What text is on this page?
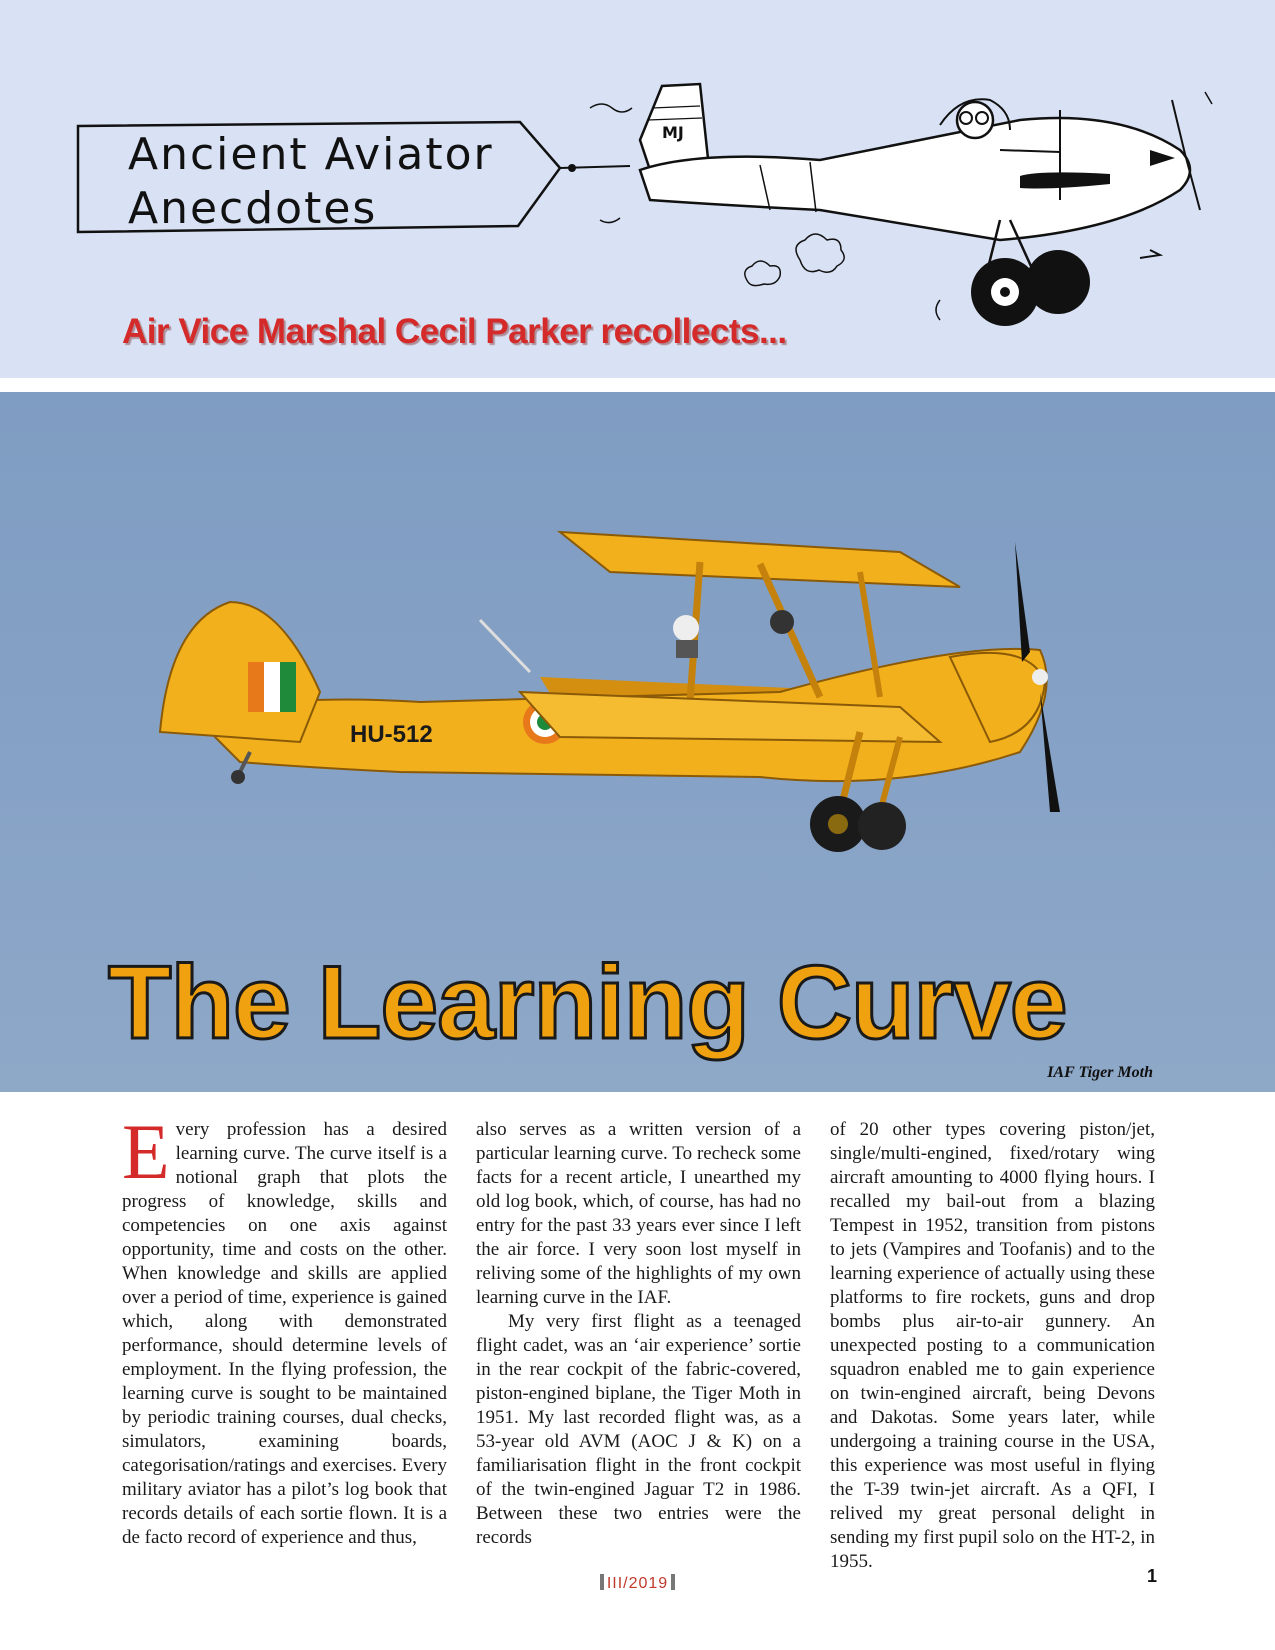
MJ
Ancient Aviator
Anecdotes
Air Vice Marshal Cecil Parker recollects...
HU-512
The Learning Curve
IAF Tiger Moth
E very profession has a desired learning curve. The curve itself is a notional graph that plots the progress of knowledge, skills and competencies on one axis against opportunity, time and costs on the other. When knowledge and skills are applied over a period of time, experience is gained which, along with demonstrated performance, should determine levels of employment. In the flying profession, the learning curve is sought to be maintained by periodic training courses, dual checks, simulators, examining boards, categorisation/ratings and exercises. Every military aviator has a pilot’s log book that records details of each sortie flown. It is a de facto record of experience and thus,

also serves as a written version of a particular learning curve. To recheck some facts for a recent article, I unearthed my old log book, which, of course, has had no entry for the past 33 years ever since I left the air force. I very soon lost myself in reliving some of the highlights of my own learning curve in the IAF.

My very first flight as a teenaged flight cadet, was an ‘air experience’ sortie in the rear cockpit of the fabric-covered, piston-engined biplane, the Tiger Moth in 1951. My last recorded flight was, as a 53-year old AVM (AOC J & K) on a familiarisation flight in the front cockpit of the twin-engined Jaguar T2 in 1986. Between these two entries were the records

of 20 other types covering piston/jet, single/multi-engined, fixed/rotary wing aircraft amounting to 4000 flying hours. I recalled my bail-out from a blazing Tempest in 1952, transition from pistons to jets (Vampires and Toofanis) and to the learning experience of actually using these platforms to fire rockets, guns and drop bombs plus air-to-air gunnery. An unexpected posting to a communication squadron enabled me to gain experience on twin-engined aircraft, being Devons and Dakotas. Some years later, while undergoing a training course in the USA, this experience was most useful in flying the T-39 twin-jet aircraft. As a QFI, I relived my great personal delight in sending my first pupil solo on the HT-2, in 1955.

III/2019	1
